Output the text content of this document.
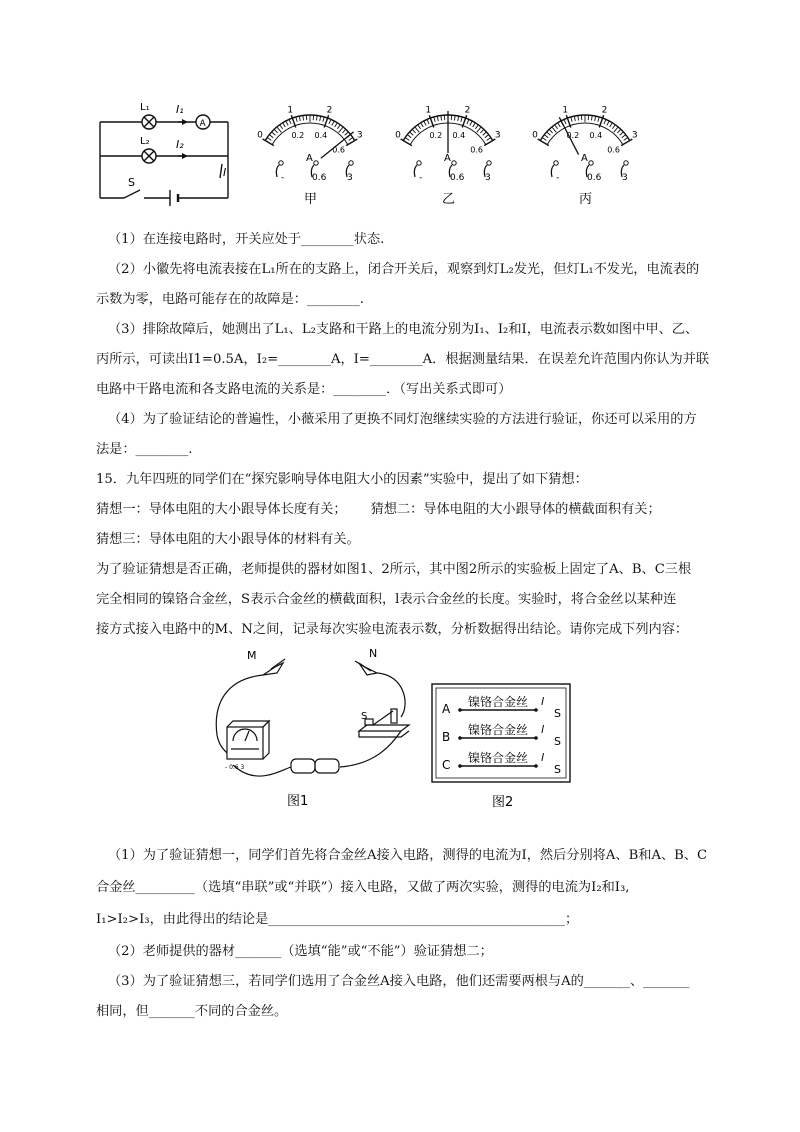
L₁
L₂
I₁
I₂
I
S
A
0
1	2
3
0.2 0.4
0.6
A
-	0.6 3
甲
0
1	2
3
0.2 0.4
0.6
A
-	0.6 3
乙
0
1	2
3
0.2 0.4
0.6
A
-	0.6 3
丙
（1）在连接电路时，开关应处于________状态.
（2）小徽先将电流表接在L₁所在的支路上，闭合开关后，观察到灯L₂发光，但灯L₁不发光，电流表的
示数为零，电路可能存在的故障是：________.
（3）排除故障后，她测出了L₁、L₂支路和干路上的电流分别为I₁、I₂和I，电流表示数如图中甲、乙、
丙所示，可读出I1=0.5A，I₂=________A，I=________A．根据测量结果．在误差允许范围内你认为并联
电路中干路电流和各支路电流的关系是：________．（写出关系式即可）
（4）为了验证结论的普遍性，小薇采用了更换不同灯泡继续实验的方法进行验证，你还可以采用的方
法是：________.
15．九年四班的同学们在“探究影响导体电阻大小的因素”实验中，提出了如下猜想：
猜想一：导体电阻的大小跟导体长度有关； 猜想二：导体电阻的大小跟导体的横截面积有关；
猜想三：导体电阻的大小跟导体的材料有关。
为了验证猜想是否正确，老师提供的器材如图1、2所示，其中图2所示的实验板上固定了A、B、C三根
完全相同的镍铬合金丝，S表示合金丝的横截面积，l表示合金丝的长度。实验时，将合金丝以某种连
接方式接入电路中的M、N之间，记录每次实验电流表示数，分析数据得出结论。请你完成下列内容：
M	N
S
- 0.6 3
图1
A 镍铬合金丝 l
S
B 镍铬合金丝 l
S
C 镍铬合金丝 l
S
图2
（1）为了验证猜想一，同学们首先将合金丝A接入电路，测得的电流为I，然后分别将A、B和A、B、C
合金丝_________（选填“串联”或“并联”）接入电路，又做了两次实验，测得的电流为I₂和I₃,
I₁>I₂>I₃，由此得出的结论是_____________________________________________；
（2）老师提供的器材_______（选填“能”或“不能”）验证猜想二；
（3）为了验证猜想三，若同学们选用了合金丝A接入电路，他们还需要两根与A的_______、_______
相同，但_______不同的合金丝。
